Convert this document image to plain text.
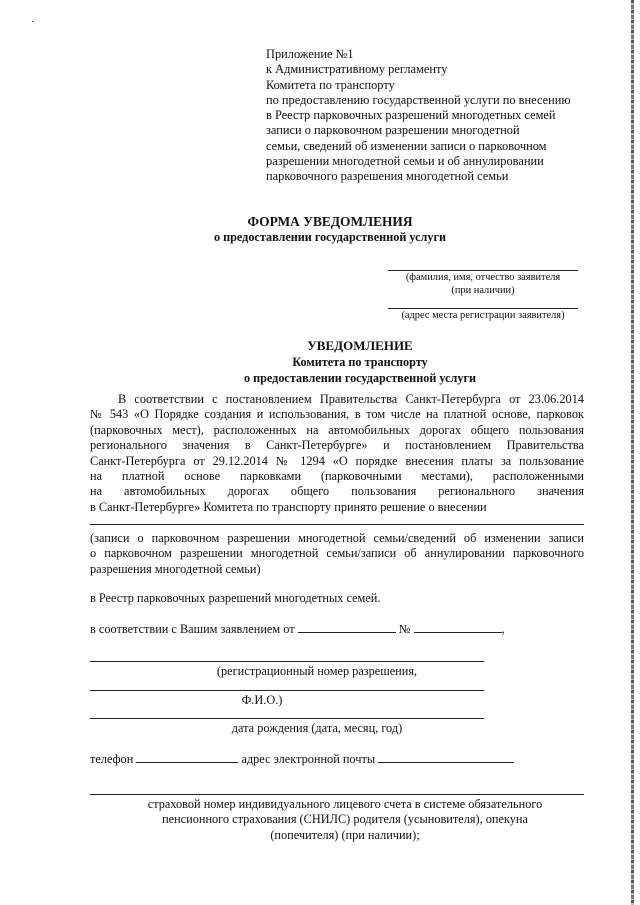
·
Приложение №1
к Административному регламенту
Комитета по транспорту
по предоставлению государственной услуги по внесению
в Реестр парковочных разрешений многодетных семей
записи о парковочном разрешении многодетной
семьи, сведений об изменении записи о парковочном
разрешении многодетной семьи и об аннулировании
парковочного разрешения многодетной семьи
ФОРМА УВЕДОМЛЕНИЯ
о предоставлении государственной услуги
(фамилия, имя, отчество заявителя
(при наличии)
(адрес места регистрации заявителя)
УВЕДОМЛЕНИЕ
Комитета по транспорту
о предоставлении государственной услуги
В соответствии с постановлением Правительства Санкт-Петербурга от 23.06.2014
№ 543 «О Порядке создания и использования, в том числе на платной основе, парковок
(парковочных мест), расположенных на автомобильных дорогах общего пользования
регионального значения в Санкт-Петербурге» и постановлением Правительства
Санкт-Петербурга от 29.12.2014 № 1294 «О порядке внесения платы за пользование
на платной основе парковками (парковочными местами), расположенными
на автомобильных дорогах общего пользования регионального значения
в Санкт-Петербурге» Комитета по транспорту принято решение о внесении
(записи о парковочном разрешении многодетной семьи/сведений об изменении записи
о парковочном разрешении многодетной семьи/записи об аннулировании парковочного
разрешения многодетной семьи)
в Реестр парковочных разрешений многодетных семей.
в соответствии с Вашим заявлением от	№	,
(регистрационный номер разрешения,
Ф.И.О.)
дата рождения (дата, месяц, год)
телефон	адрес электронной почты
страховой номер индивидуального лицевого счета в системе обязательного
пенсионного страхования (СНИЛС) родителя (усыновителя), опекуна
(попечителя) (при наличии);
